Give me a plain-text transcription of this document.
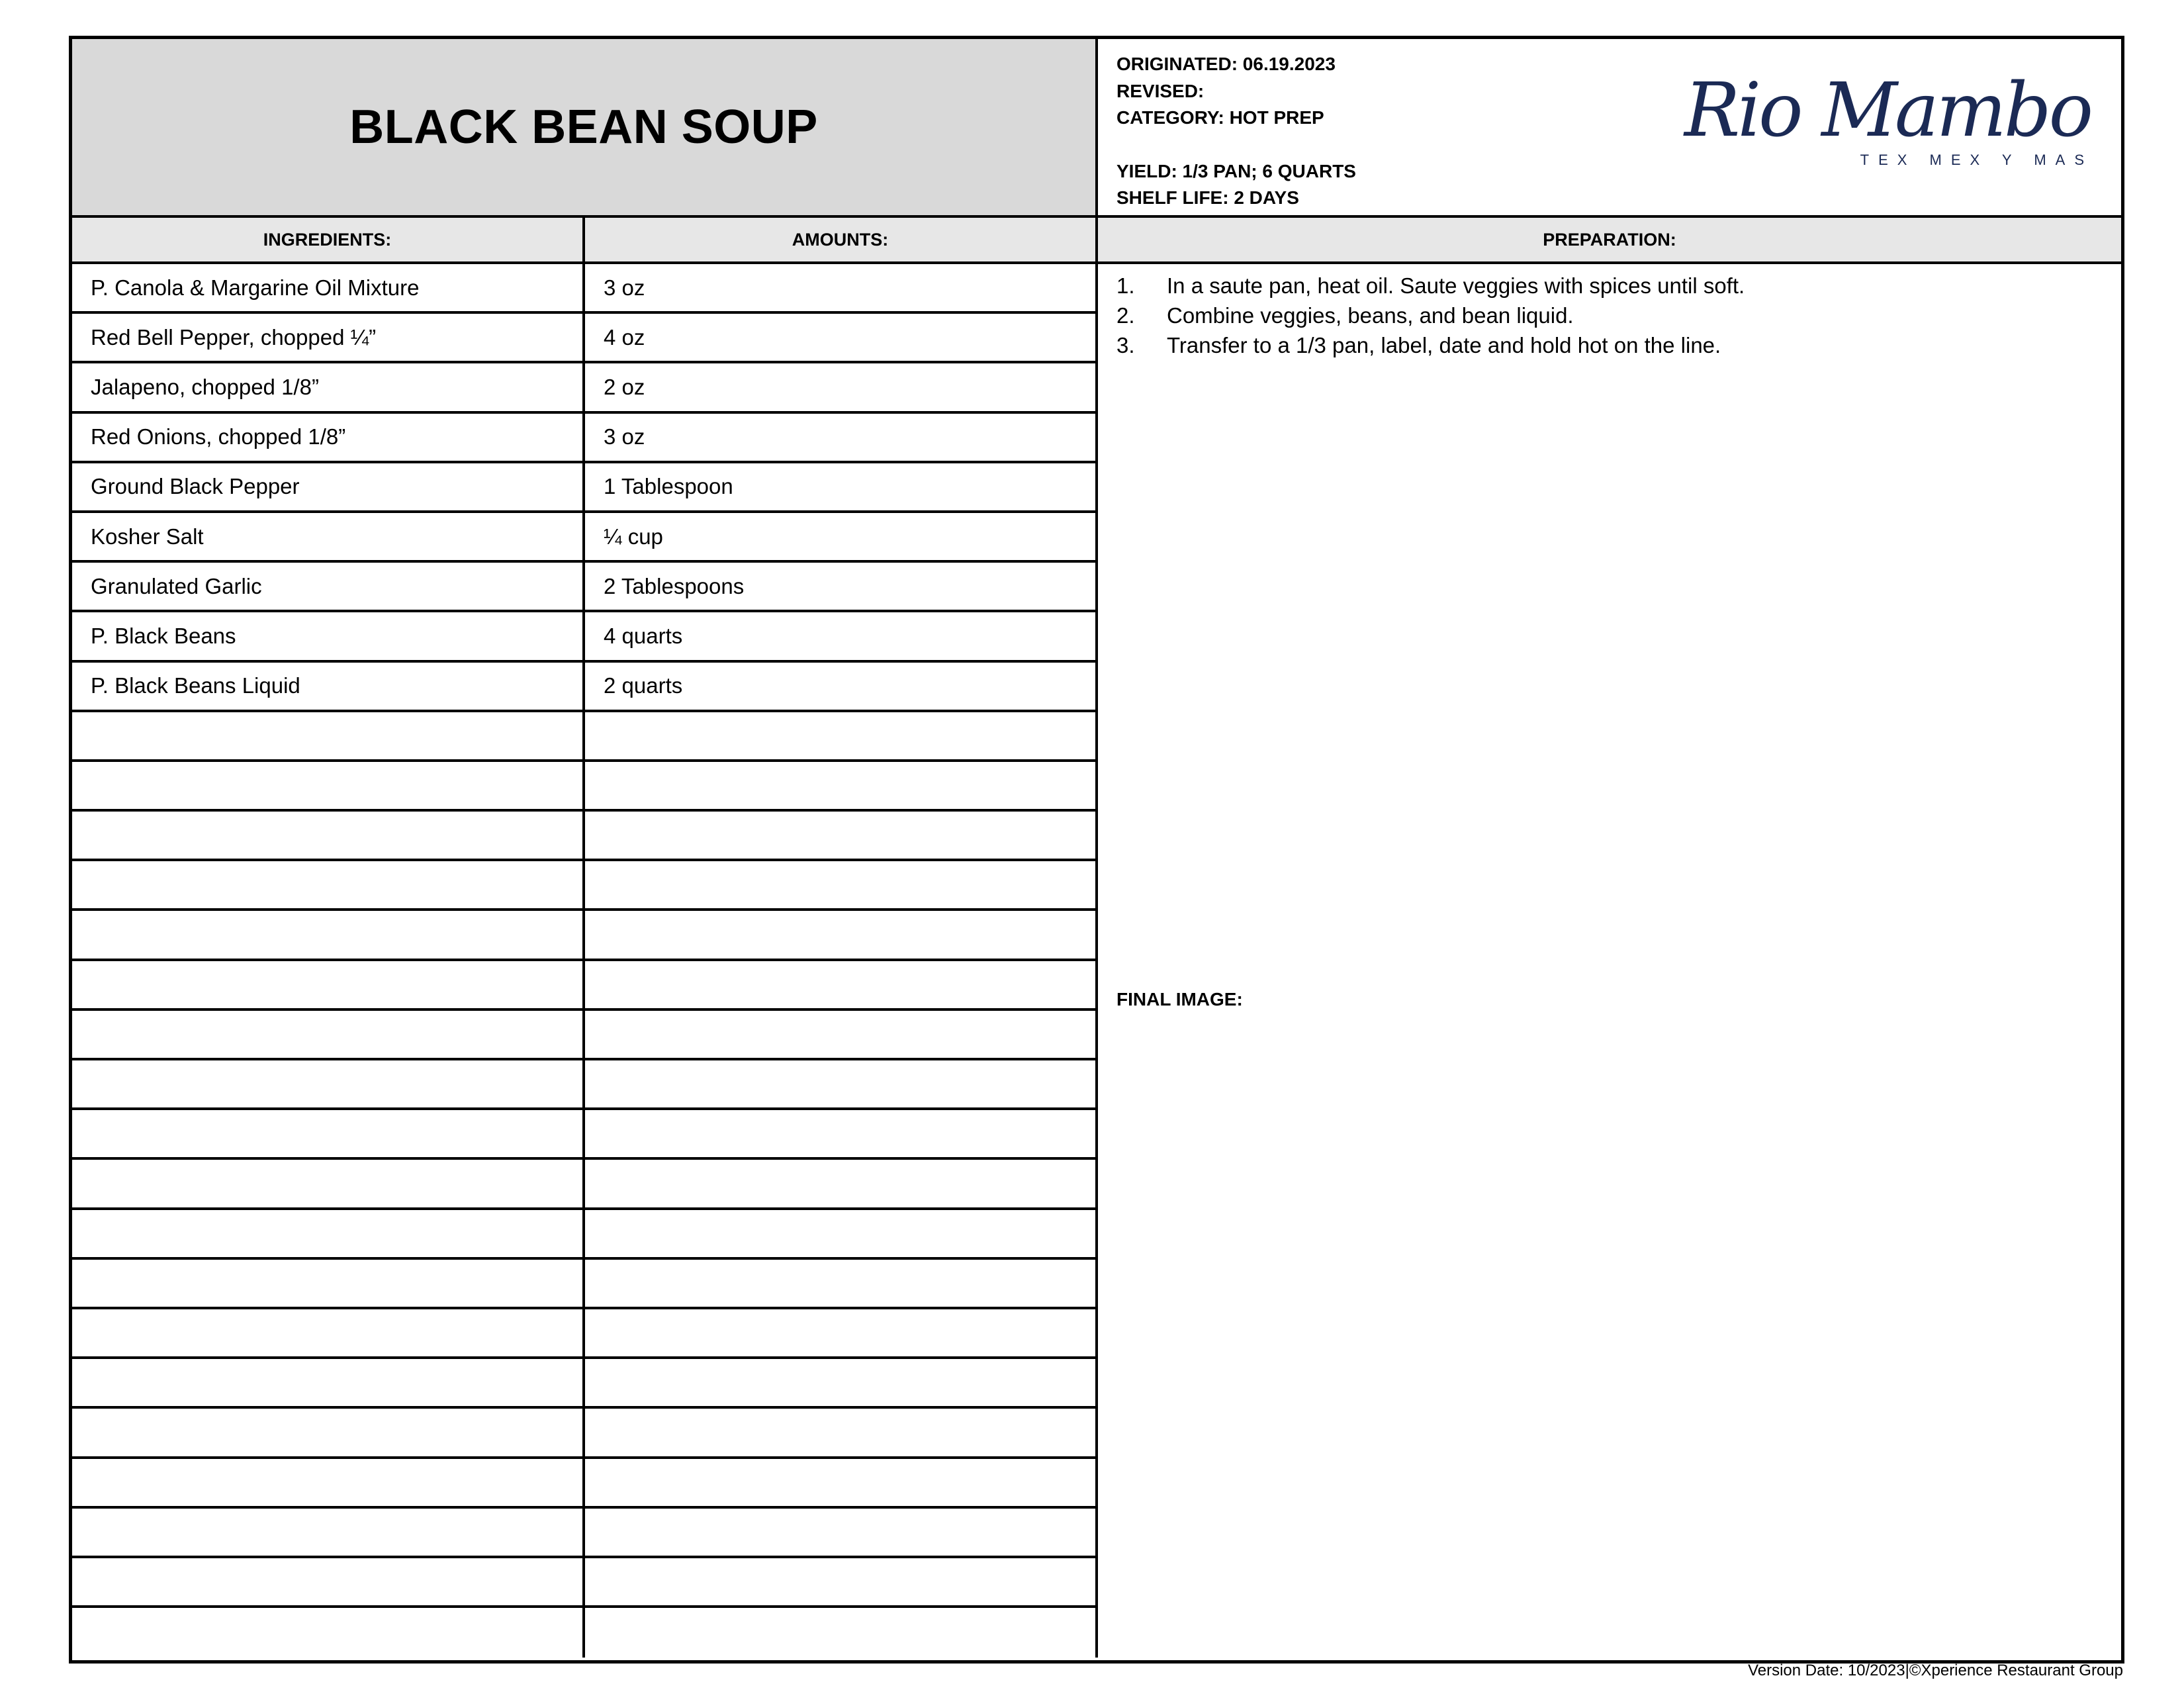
BLACK BEAN SOUP
ORIGINATED: 06.19.2023
REVISED:
CATEGORY: HOT PREP
YIELD: 1/3 PAN; 6 QUARTS
SHELF LIFE: 2 DAYS
Rio Mambo
TEX MEX Y MAS
INGREDIENTS:	AMOUNTS:	PREPARATION:
P. Canola & Margarine Oil Mixture	3 oz
Red Bell Pepper, chopped ¼”	4 oz
Jalapeno, chopped 1/8”	2 oz
Red Onions, chopped 1/8”	3 oz
Ground Black Pepper	1 Tablespoon
Kosher Salt	¼ cup
Granulated Garlic	2 Tablespoons
P. Black Beans	4 quarts
P. Black Beans Liquid	2 quarts
1.	In a saute pan, heat oil. Saute veggies with spices until soft.
2.	Combine veggies, beans, and bean liquid.
3.	Transfer to a 1/3 pan, label, date and hold hot on the line.
FINAL IMAGE:
Version Date: 10/2023|©Xperience Restaurant Group
